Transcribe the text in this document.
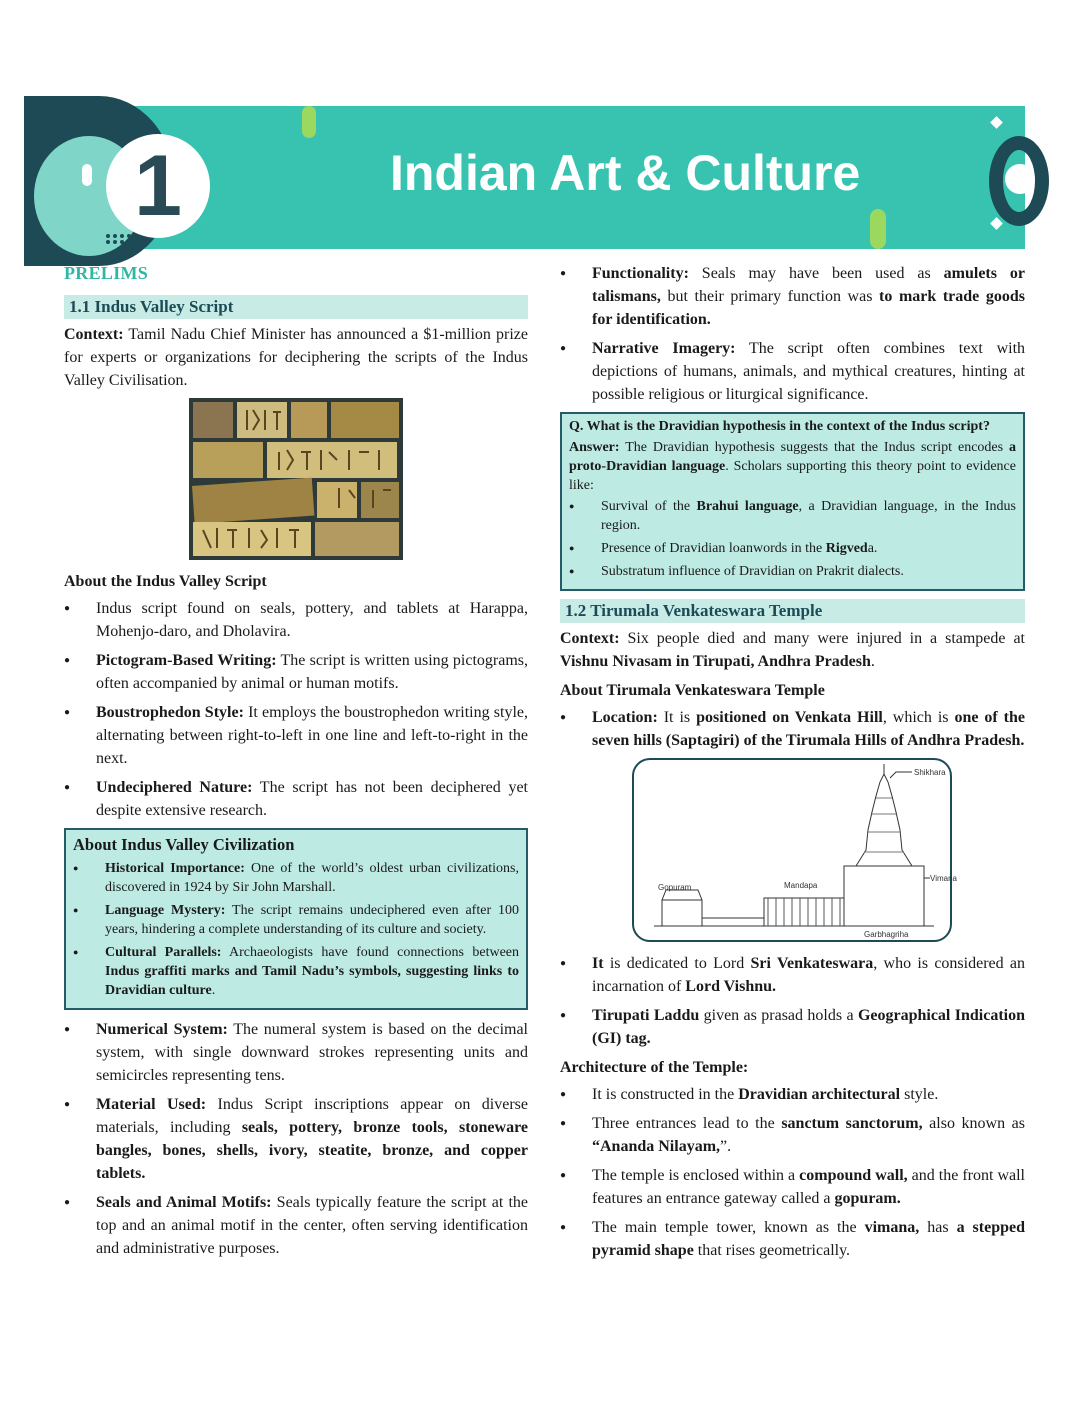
1	Indian Art & Culture
PRELIMS
1.1 Indus Valley Script

Context: Tamil Nadu Chief Minister has announced a $1-million prize for experts or organizations for deciphering the scripts of the Indus Valley Civilisation.

About the Indus Valley Script
● Indus script found on seals, pottery, and tablets at Harappa, Mohenjo-daro, and Dholavira.
● Pictogram-Based Writing: The script is written using pictograms, often accompanied by animal or human motifs.
● Boustrophedon Style: It employs the boustrophedon writing style, alternating between right-to-left in one line and left-to-right in the next.
● Undeciphered Nature: The script has not been deciphered yet despite extensive research.
About Indus Valley Civilization
● Historical Importance: One of the world’s oldest urban civilizations, discovered in 1924 by Sir John Marshall.
● Language Mystery: The script remains undeciphered even after 100 years, hindering a complete understanding of its culture and society.
● Cultural Parallels: Archaeologists have found connections between Indus graffiti marks and Tamil Nadu’s symbols, suggesting links to Dravidian culture.
● Numerical System: The numeral system is based on the decimal system, with single downward strokes representing units and semicircles representing tens.
● Material Used: Indus Script inscriptions appear on diverse materials, including seals, pottery, bronze tools, stoneware bangles, bones, shells, ivory, steatite, bronze, and copper tablets.
● Seals and Animal Motifs: Seals typically feature the script at the top and an animal motif in the center, often serving identification and administrative purposes.
● Functionality: Seals may have been used as amulets or talismans, but their primary function was to mark trade goods for identification.
● Narrative Imagery: The script often combines text with depictions of humans, animals, and mythical creatures, hinting at possible religious or liturgical significance.

Q. What is the Dravidian hypothesis in the context of the Indus script?

Answer: The Dravidian hypothesis suggests that the Indus script encodes a proto-Dravidian language. Scholars supporting this theory point to evidence like:

● Survival of the Brahui language, a Dravidian language, in the Indus region.
● Presence of Dravidian loanwords in the Rigveda.
● Substratum influence of Dravidian on Prakrit dialects.
1.2 Tirumala Venkateswara Temple

Context: Six people died and many were injured in a stampede at Vishnu Nivasam in Tirupati, Andhra Pradesh.

About Tirumala Venkateswara Temple
● Location: It is positioned on Venkata Hill, which is one of the seven hills (Saptagiri) of the Tirumala Hills of Andhra Pradesh.
Shikhara
Vimana
Mandapa
Gopuram
Garbhagriha
● It is dedicated to Lord Sri Venkateswara, who is considered an incarnation of Lord Vishnu.
● Tirupati Laddu given as prasad holds a Geographical Indication (GI) tag.
Architecture of the Temple:
● It is constructed in the Dravidian architectural style.
● Three entrances lead to the sanctum sanctorum, also known as “Ananda Nilayam,”.
● The temple is enclosed within a compound wall, and the front wall features an entrance gateway called a gopuram.
● The main temple tower, known as the vimana, has a stepped pyramid shape that rises geometrically.
